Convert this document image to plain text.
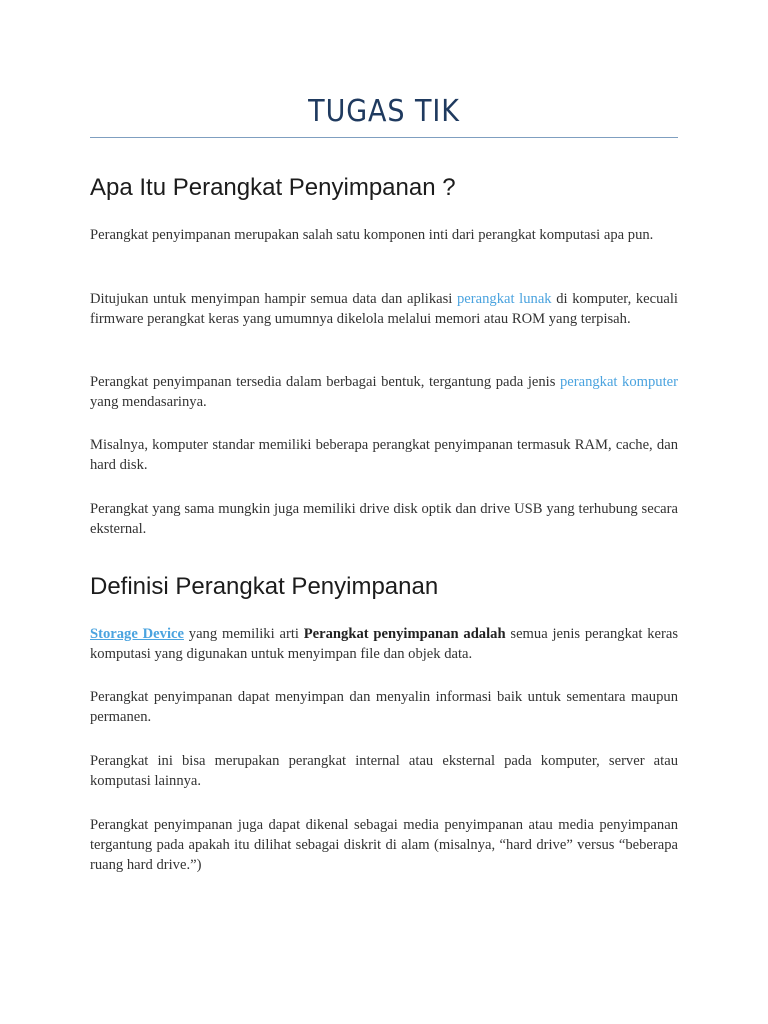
TUGAS TIK
Apa Itu Perangkat Penyimpanan ?

Perangkat penyimpanan merupakan salah satu komponen inti dari perangkat komputasi apa pun.

Ditujukan untuk menyimpan hampir semua data dan aplikasi perangkat lunak di komputer, kecuali firmware perangkat keras yang umumnya dikelola melalui memori atau ROM yang terpisah.

Perangkat penyimpanan tersedia dalam berbagai bentuk, tergantung pada jenis perangkat komputer yang mendasarinya.

Misalnya, komputer standar memiliki beberapa perangkat penyimpanan termasuk RAM, cache, dan hard disk.

Perangkat yang sama mungkin juga memiliki drive disk optik dan drive USB yang terhubung secara eksternal.

Definisi Perangkat Penyimpanan

Storage Device yang memiliki arti Perangkat penyimpanan adalah semua jenis perangkat keras komputasi yang digunakan untuk menyimpan file dan objek data.

Perangkat penyimpanan dapat menyimpan dan menyalin informasi baik untuk sementara maupun permanen.

Perangkat ini bisa merupakan perangkat internal atau eksternal pada komputer, server atau komputasi lainnya.

Perangkat penyimpanan juga dapat dikenal sebagai media penyimpanan atau media penyimpanan tergantung pada apakah itu dilihat sebagai diskrit di alam (misalnya, “hard drive” versus “beberapa ruang hard drive.”)
